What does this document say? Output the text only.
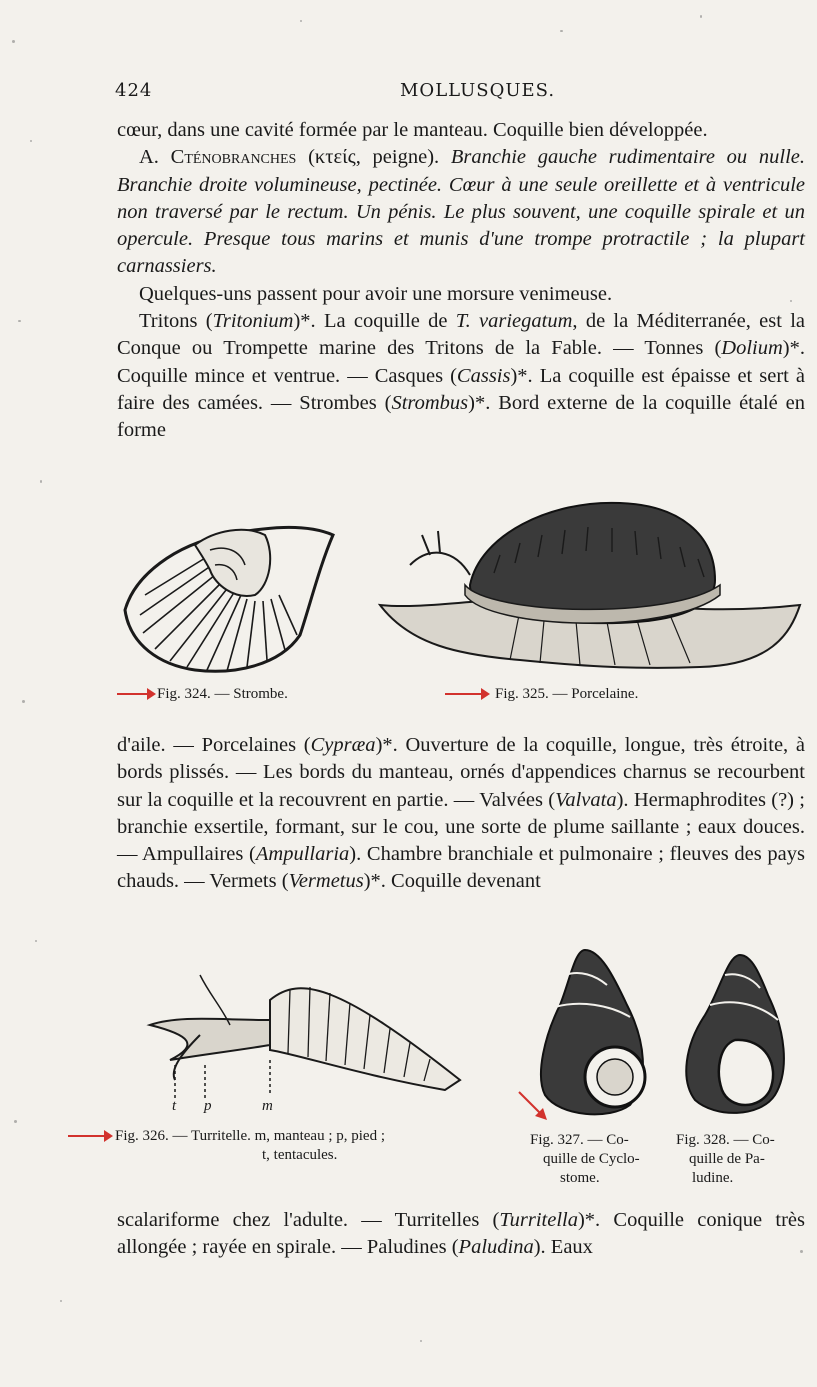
424	MOLLUSQUES.

cœur, dans une cavité formée par le manteau. Coquille bien développée.

A. Cténobranches (κτείς, peigne). Branchie gauche rudimentaire ou nulle. Branchie droite volumineuse, pectinée. Cœur à une seule oreillette et à ventricule non traversé par le rectum. Un pénis. Le plus souvent, une coquille spirale et un opercule. Presque tous marins et munis d'une trompe protractile ; la plupart carnassiers.

Quelques-uns passent pour avoir une morsure venimeuse.

Tritons (Tritonium)*. La coquille de T. variegatum, de la Méditerranée, est la Conque ou Trompette marine des Tritons de la Fable. — Tonnes (Dolium)*. Coquille mince et ventrue. — Casques (Cassis)*. La coquille est épaisse et sert à faire des camées. — Strombes (Strombus)*. Bord externe de la coquille étalé en forme

Fig. 324. — Strombe.	Fig. 325. — Porcelaine.

d'aile. — Porcelaines (Cypræa)*. Ouverture de la coquille, longue, très étroite, à bords plissés. — Les bords du manteau, ornés d'appendices charnus se recourbent sur la coquille et la recouvrent en partie. — Valvées (Valvata). Hermaphrodites (?) ; branchie exsertile, formant, sur le cou, une sorte de plume saillante ; eaux douces. — Ampullaires (Ampullaria). Chambre branchiale et pulmonaire ; fleuves des pays chauds. — Vermets (Vermetus)*. Coquille devenant

t p	m
Fig. 326. — Turritelle. m, manteau ; p, pied ;
t, tentacules.
Fig. 327. — Co-
quille de Cyclo-
stome.
Fig. 328. — Co-
quille de Pa-
ludine.

scalariforme chez l'adulte. — Turritelles (Turritella)*. Coquille conique très allongée ; rayée en spirale. — Paludines (Paludina). Eaux
